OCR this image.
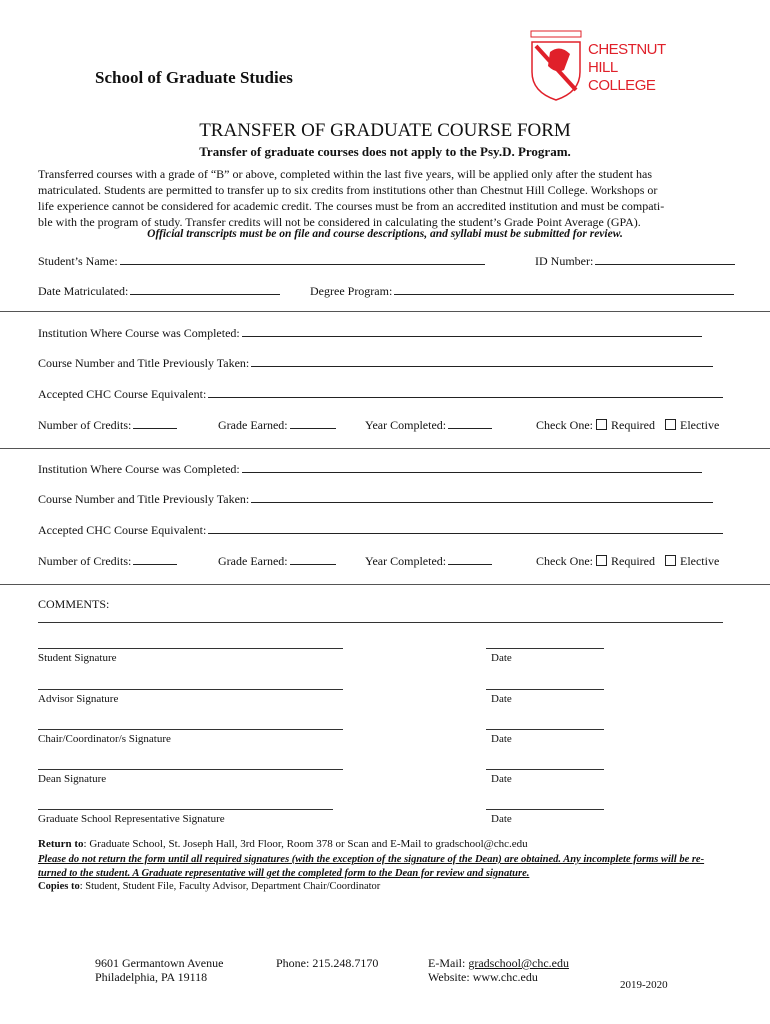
School of Graduate Studies
CHESTNUT
HILL
COLLEGE
TRANSFER OF GRADUATE COURSE FORM
Transfer of graduate courses does not apply to the Psy.D. Program.
Transferred courses with a grade of “B” or above, completed within the last five years, will be applied only after the student has
matriculated. Students are permitted to transfer up to six credits from institutions other than Chestnut Hill College. Workshops or
life experience cannot be considered for academic credit. The courses must be from an accredited institution and must be compati-
ble with the program of study. Transfer credits will not be considered in calculating the student’s Grade Point Average (GPA).
Official transcripts must be on file and course descriptions, and syllabi must be submitted for review.
Student’s Name:	ID Number:
Date Matriculated:	Degree Program:
Institution Where Course was Completed:
Course Number and Title Previously Taken:
Accepted CHC Course Equivalent:
Number of Credits:	Grade Earned:	Year Completed:	Check One: Required Elective
Institution Where Course was Completed:
Course Number and Title Previously Taken:
Accepted CHC Course Equivalent:
Number of Credits:	Grade Earned:	Year Completed:	Check One: Required Elective
COMMENTS:
Student Signature	Date
Advisor Signature	Date
Chair/Coordinator/s Signature	Date
Dean Signature	Date
Graduate School Representative Signature	Date
Return to: Graduate School, St. Joseph Hall, 3rd Floor, Room 378 or Scan and E-Mail to gradschool@chc.edu
Please do not return the form until all required signatures (with the exception of the signature of the Dean) are obtained. Any incomplete forms will be re-
turned to the student. A Graduate representative will get the completed form to the Dean for review and signature.
Copies to: Student, Student File, Faculty Advisor, Department Chair/Coordinator
9601 Germantown Avenue
Philadelphia, PA 19118
Phone: 215.248.7170	E-Mail: gradschool@chc.edu
Website: www.chc.edu
2019-2020
